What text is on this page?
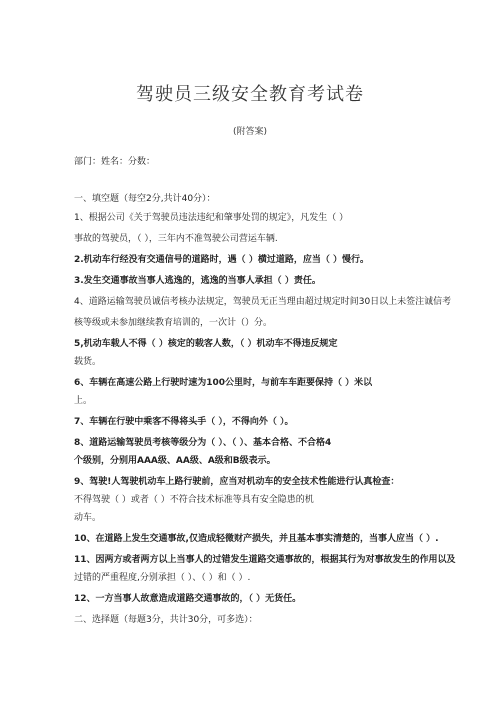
驾驶员三级安全教育考试卷
(附答案)
部门：姓名：分数：
一、填空题（每空2分,共计40分）：
1、根据公司《关于驾驶员违法违纪和肇事处罚的规定》，凡发生（ ）
事故的驾驶员，（ ），三年内不准驾驶公司营运车辆.
2.机动车行经没有交通信号的道路时，遇（ ）横过道路，应当（ ）慢行。
3.发生交通事故当事人逃逸的，逃逸的当事人承担（ ）责任。
4、道路运输驾驶员诚信考核办法规定，驾驶员无正当理由超过规定时间30日以上未签注诚信考
核等级或未参加继续教育培训的，一次计（）分。
5,机动车载人不得（ ）核定的载客人数，（ ）机动车不得违反规定
载货。
6、车辆在高速公路上行驶时速为100公里时，与前车车距要保持（ ）米以
上。
7、车辆在行驶中乘客不得将头手（ ），不得向外（ ）。
8、道路运输驾驶员考核等级分为（ ）、（ ）、基本合格、不合格4
个级别，分别用AAA级、AA级、A级和B级表示。
9、驾驶!人驾驶机动车上路行驶前，应当对机动车的安全技术性能进行认真检查：
不得驾驶（ ）或者（ ）不符合技术标准等具有安全隐患的机
动车。
10、在道路上发生交通事故,仅造成轻微财产损失，并且基本事实清楚的，当事人应当（ ）.
11、因两方或者两方以上当事人的过错发生道路交通事故的，根据其行为对事故发生的作用以及
过错的严重程度,分别承担（ ）、（ ）和（ ）.
12、一方当事人故意造成道路交通事故的，（ ）无货任。
二、选择题（每题3分，共计30分，可多选）：
